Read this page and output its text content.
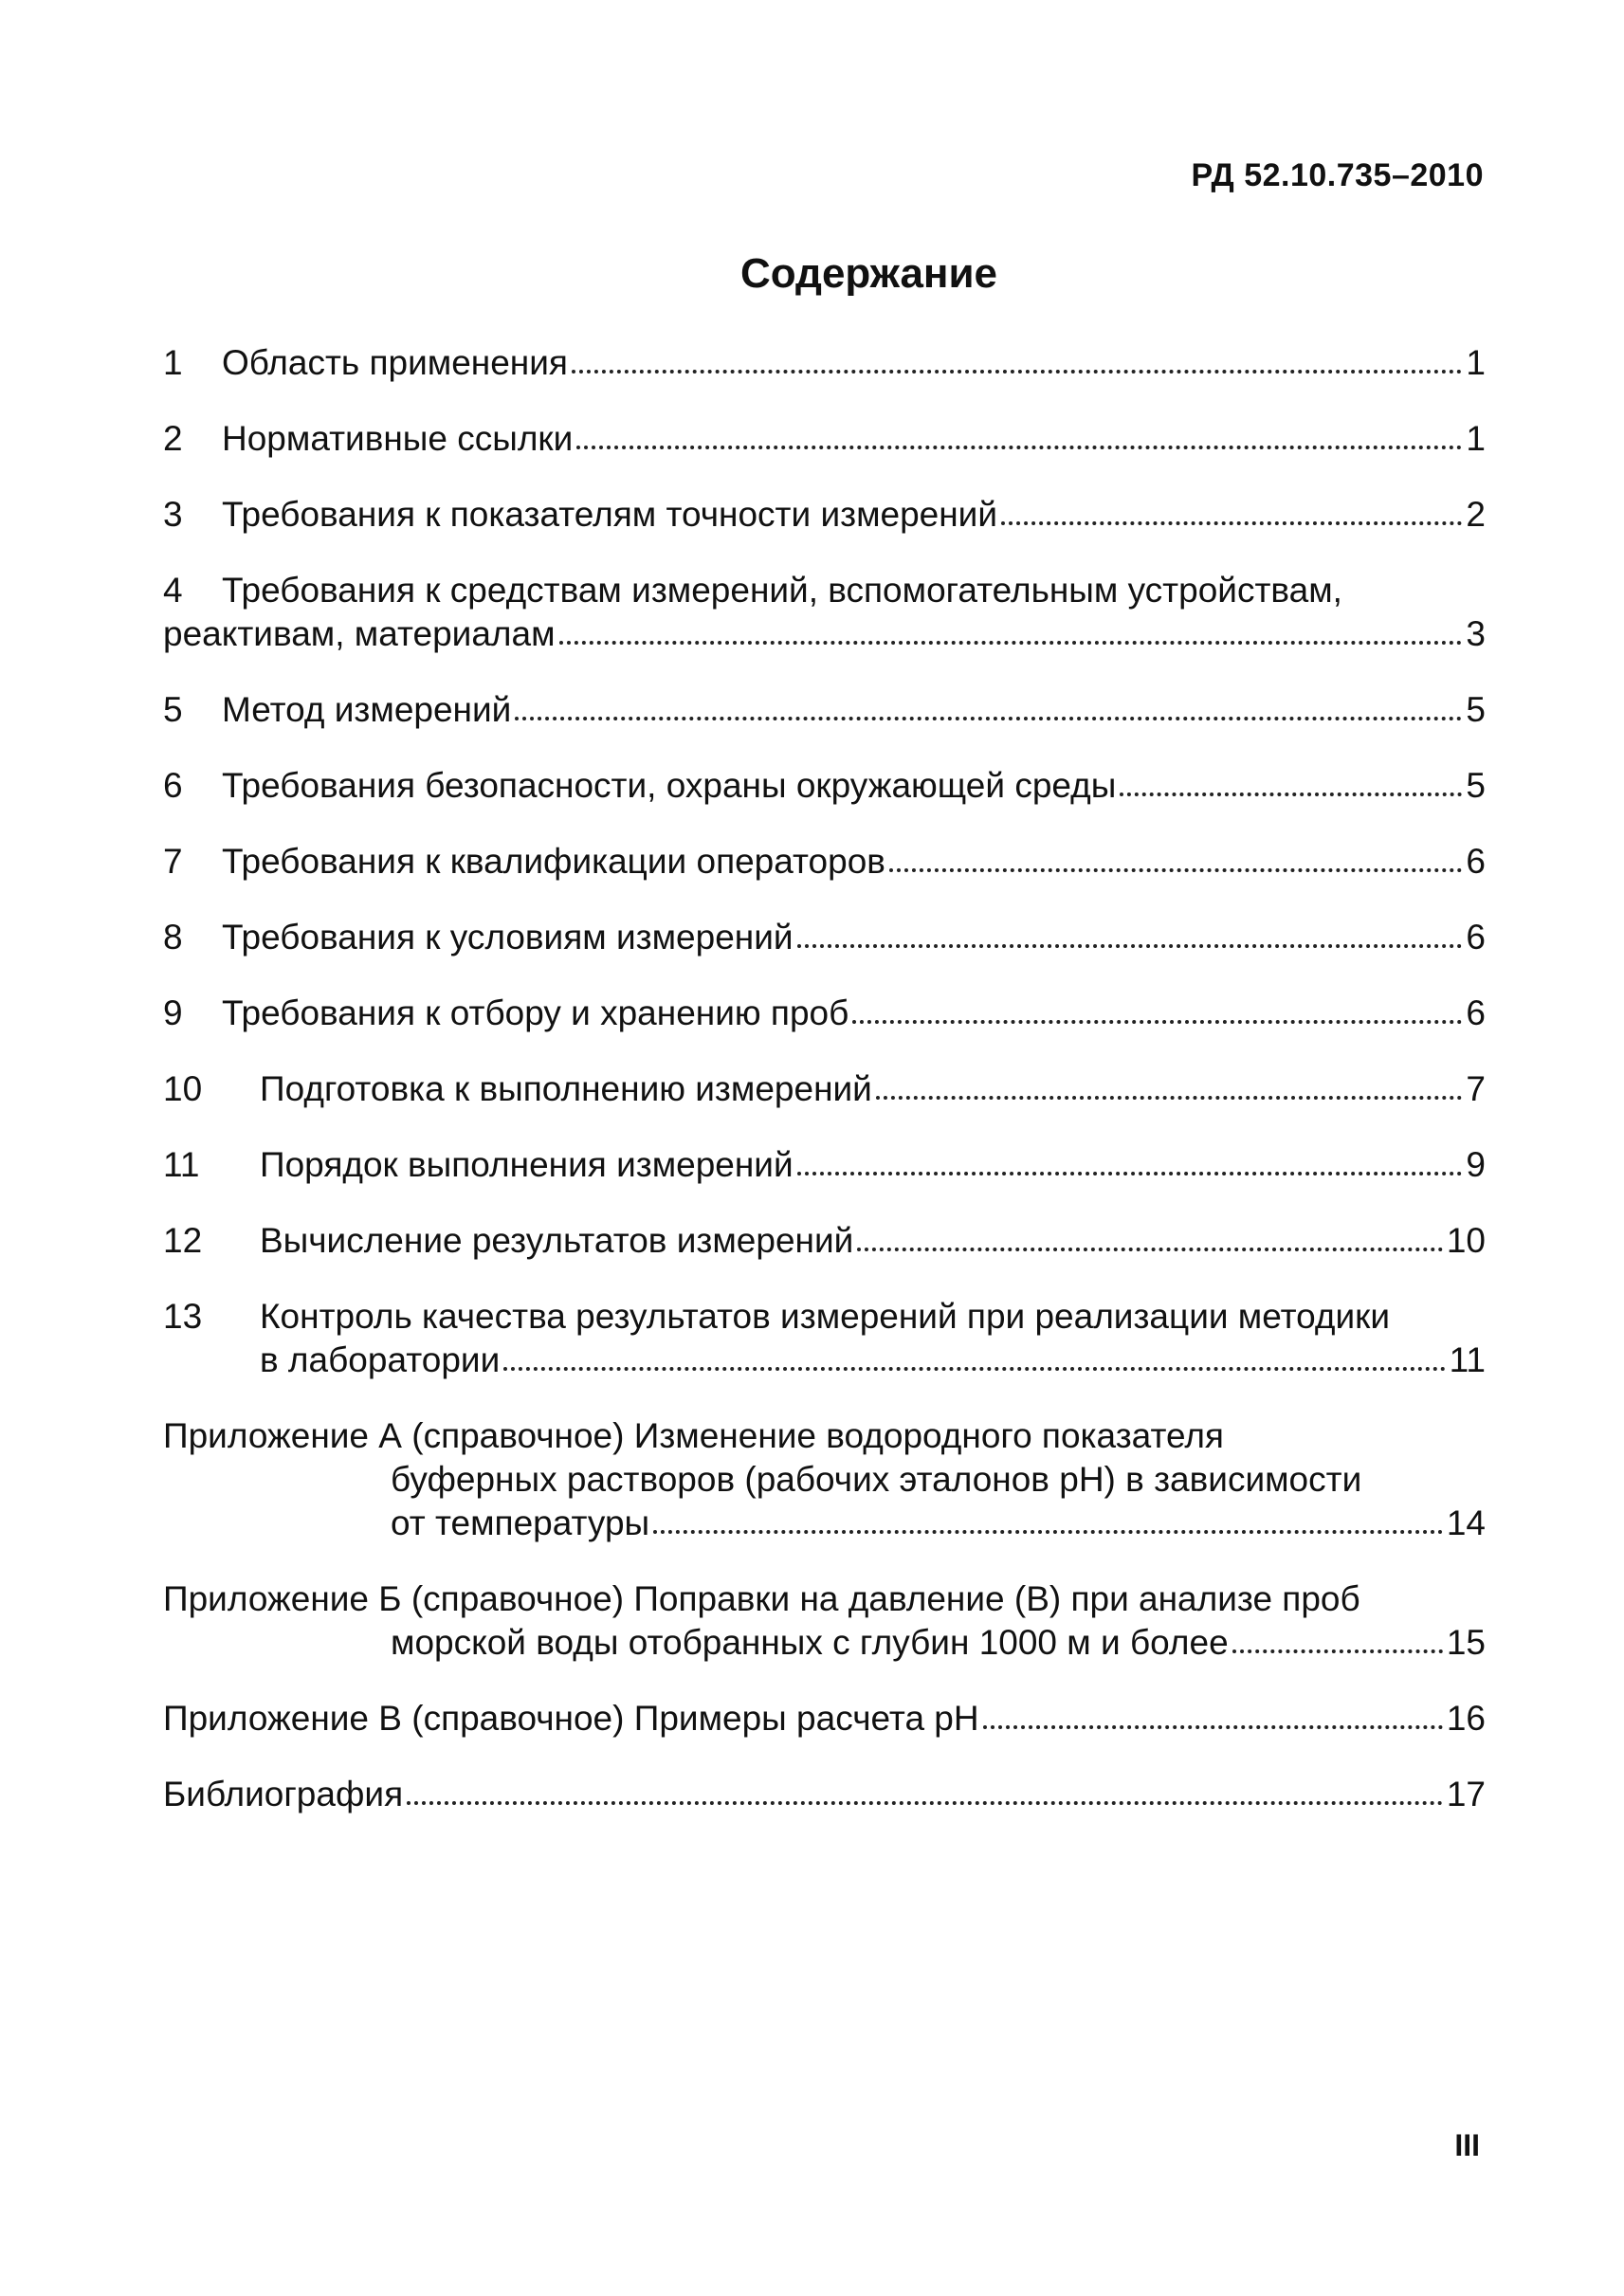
РД 52.10.735–2010
Содержание
1	Область применения	1
2	Нормативные ссылки	1
3	Требования к показателям точности измерений	2
4	Требования к средствам измерений, вспомогательным устройствам,
реактивам, материалам	3
5	Метод измерений	5
6	Требования безопасности, охраны окружающей среды	5
7	Требования к квалификации операторов	6
8	Требования к условиям измерений	6
9	Требования к отбору и хранению проб	6
10	Подготовка к выполнению измерений	7
11	Порядок выполнения измерений	9
12	Вычисление результатов измерений	10
13	Контроль качества результатов измерений при реализации методики
в лаборатории	11
Приложение А (справочное) Изменение водородного показателя
буферных растворов (рабочих эталонов pH) в зависимости
от температуры	14
Приложение Б (справочное) Поправки на давление (В) при анализе проб
морской воды отобранных с глубин 1000 м и более	15
Приложение В (справочное) Примеры расчета pH	16
Библиография	17
III
